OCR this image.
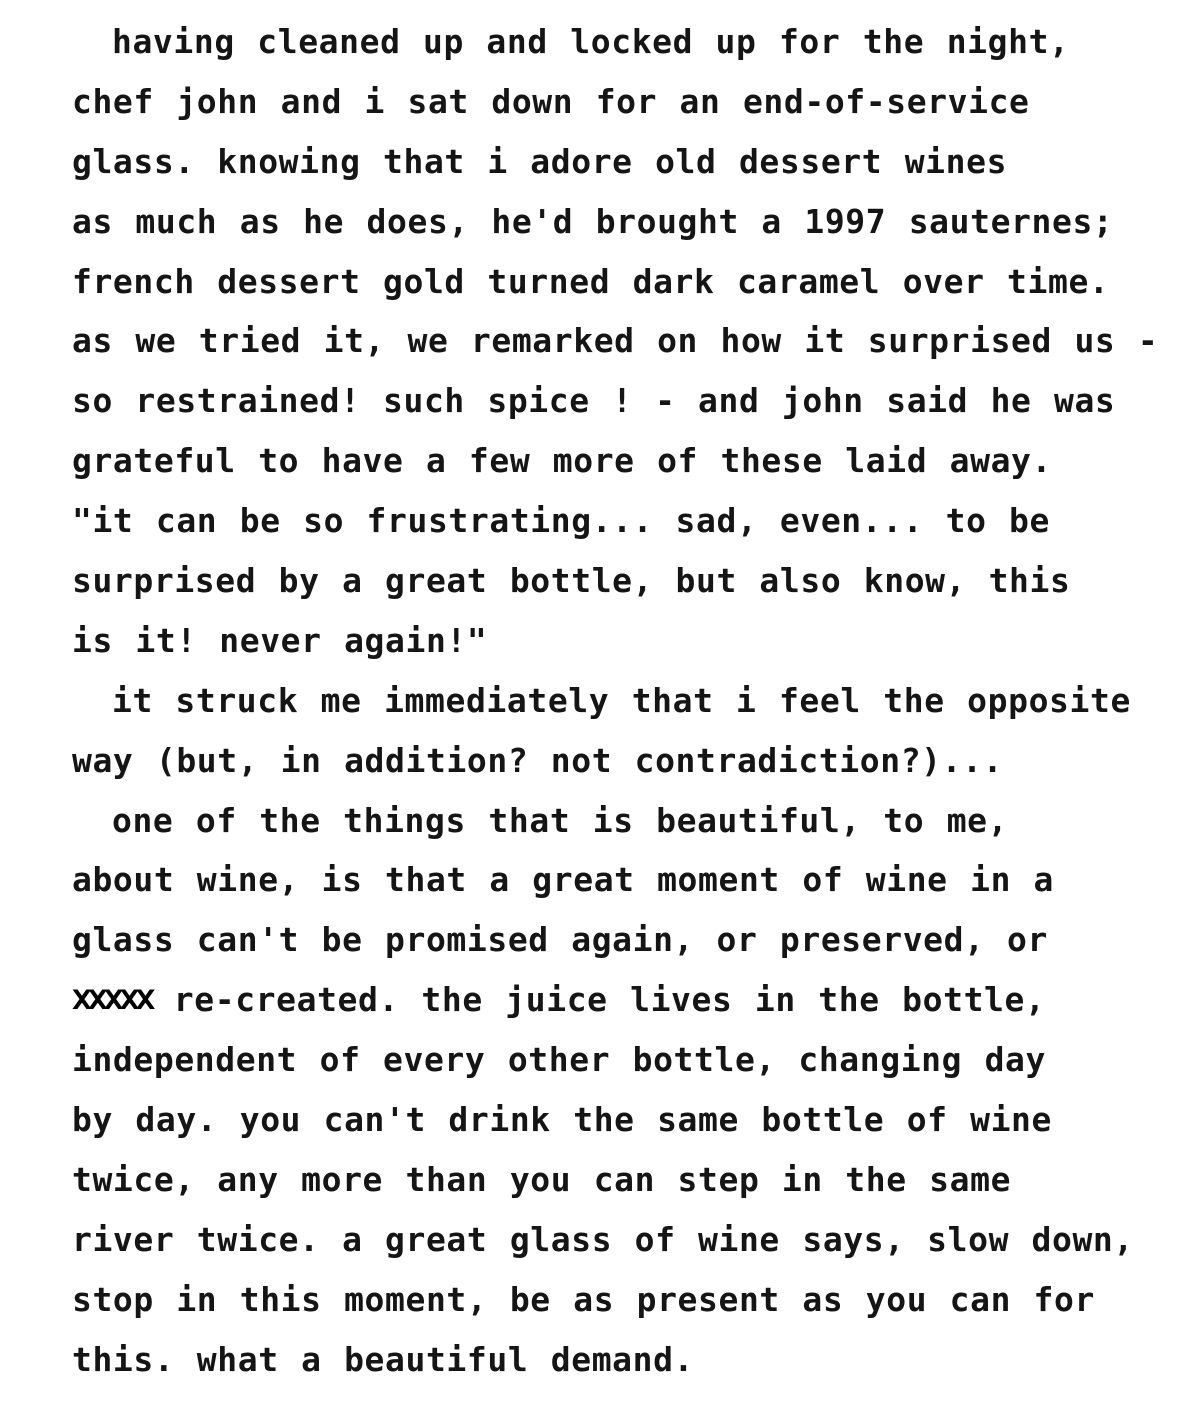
having cleaned up and locked up for the night,
chef john and i sat down for an end-of-service
glass. knowing that i adore old dessert wines
as much as he does, he'd brought a 1997 sauternes;
french dessert gold turned dark caramel over time.
as we tried it, we remarked on how it surprised us -
so restrained! such spice ! - and john said he was
grateful to have a few more of these laid away.
"it can be so frustrating... sad, even... to be
surprised by a great bottle, but also know, this
is it! never again!"
it struck me immediately that i feel the opposite
way (but, in addition? not contradiction?)...
one of the things that is beautiful, to me,
about wine, is that a great moment of wine in a
glass can't be promised again, or preserved, or
XXXXX re-created. the juice lives in the bottle,
independent of every other bottle, changing day
by day. you can't drink the same bottle of wine
twice, any more than you can step in the same
river twice. a great glass of wine says, slow down,
stop in this moment, be as present as you can for
this. what a beautiful demand.
